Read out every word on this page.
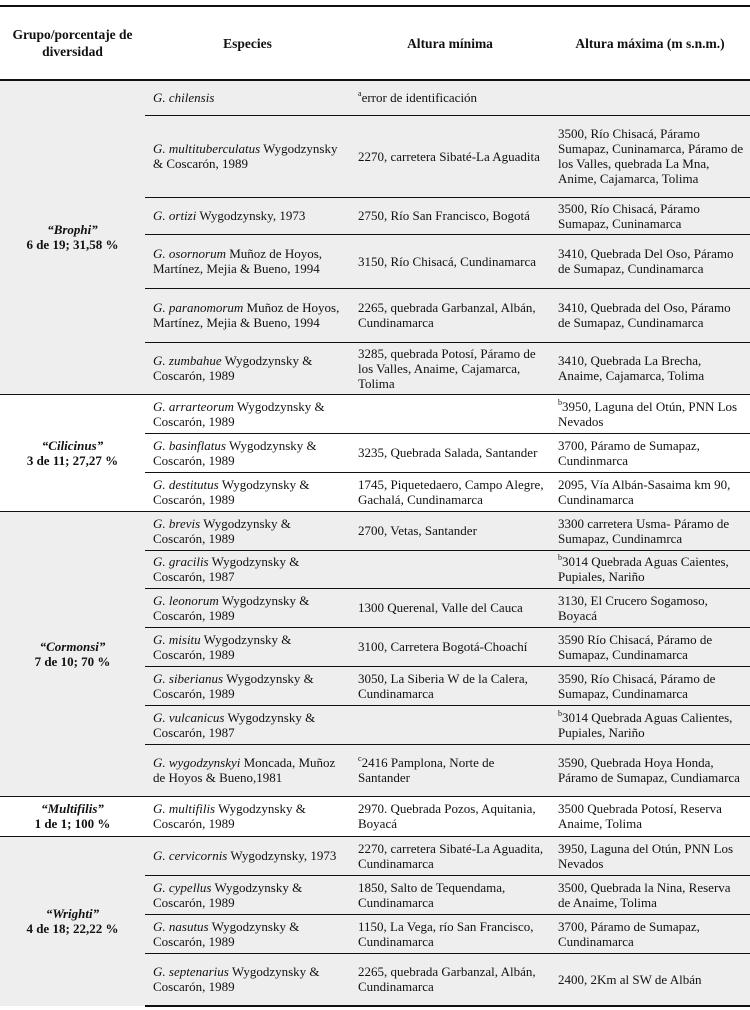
Grupo/porcentaje de diversidad	Especies	Altura mínima	Altura máxima (m s.n.m.)

“Brophi”
6 de 19; 31,58 %	G. chilensis	$^a$error de identificación	
	G. multituberculatus Wygodzynsky & Coscarón, 1989	2270, carretera Sibaté-La Aguadita	3500, Río Chisacá, Páramo Sumapaz, Cuninamarca, Páramo de los Valles, quebrada La Mna, Anime, Cajamarca, Tolima
	G. ortizi Wygodzynsky, 1973	2750, Río San Francisco, Bogotá	3500, Río Chisacá, Páramo Sumapaz, Cuninamarca
	G. osornorum Muñoz de Hoyos, Martínez, Mejia & Bueno, 1994	3150, Río Chisacá, Cundinamarca	3410, Quebrada Del Oso, Páramo de Sumapaz, Cundinamarca
	G. paranomorum Muñoz de Hoyos, Martínez, Mejia & Bueno, 1994	2265, quebrada Garbanzal, Albán, Cundinamarca	3410, Quebrada del Oso, Páramo de Sumapaz, Cundinamarca
	G. zumbahue Wygodzynsky & Coscarón, 1989	3285, quebrada Potosí, Páramo de los Valles, Anaime, Cajamarca, Tolima	3410, Quebrada La Brecha, Anaime, Cajamarca, Tolima

“Cilicinus”
3 de 11; 27,27 %	G. arrarteorum Wygodzynsky & Coscarón, 1989		$^b$3950, Laguna del Otún, PNN Los Nevados
	G. basinflatus Wygodzynsky & Coscarón, 1989	3235, Quebrada Salada, Santander	3700, Páramo de Sumapaz, Cundinmarca
	G. destitutus Wygodzynsky & Coscarón, 1989	1745, Piquetedaero, Campo Alegre, Gachalá, Cundinamarca	2095, Vía Albán-Sasaima km 90, Cundinamarca

“Cormonsi”
7 de 10; 70 %	G. brevis Wygodzynsky & Coscarón, 1989	2700, Vetas, Santander	3300 carretera Usma- Páramo de Sumapaz, Cundinamrca
	G. gracilis Wygodzynsky & Coscarón, 1987		$^b$3014 Quebrada Aguas Caientes, Pupiales, Nariño
	G. leonorum Wygodzynsky & Coscarón, 1989	1300 Querenal, Valle del Cauca	3130, El Crucero Sogamoso, Boyacá
	G. misitu Wygodzynsky & Coscarón, 1989	3100, Carretera Bogotá-Choachí	3590 Río Chisacá, Páramo de Sumapaz, Cundinamarca
	G. siberianus Wygodzynsky & Coscarón, 1989	3050, La Siberia W de la Calera, Cundinamarca	3590, Río Chisacá, Páramo de Sumapaz, Cundinamarca
	G. vulcanicus Wygodzynsky & Coscarón, 1987		$^b$3014 Quebrada Aguas Calientes, Pupiales, Nariño
	G. wygodzynskyi Moncada, Muñoz de Hoyos & Bueno,1981	$^c$2416 Pamplona, Norte de Santander	3590, Quebrada Hoya Honda, Páramo de Sumapaz, Cundiamarca

“Multifilis”
1 de 1; 100 %	G. multifilis Wygodzynsky & Coscarón, 1989	2970. Quebrada Pozos, Aquitania, Boyacá	3500 Quebrada Potosí, Reserva Anaime, Tolima

“Wrighti”
4 de 18; 22,22 %	G. cervicornis Wygodzynsky, 1973	2270, carretera Sibaté-La Aguadita, Cundinamarca	3950, Laguna del Otún, PNN Los Nevados
	G. cypellus Wygodzynsky & Coscarón, 1989	1850, Salto de Tequendama, Cundinamarca	3500, Quebrada la Nina, Reserva de Anaime, Tolima
	G. nasutus Wygodzynsky & Coscarón, 1989	1150, La Vega, río San Francisco, Cundinamarca	3700, Páramo de Sumapaz, Cundinamarca
	G. septenarius Wygodzynsky & Coscarón, 1989	2265, quebrada Garbanzal, Albán, Cundinamarca	2400, 2Km al SW de Albán
